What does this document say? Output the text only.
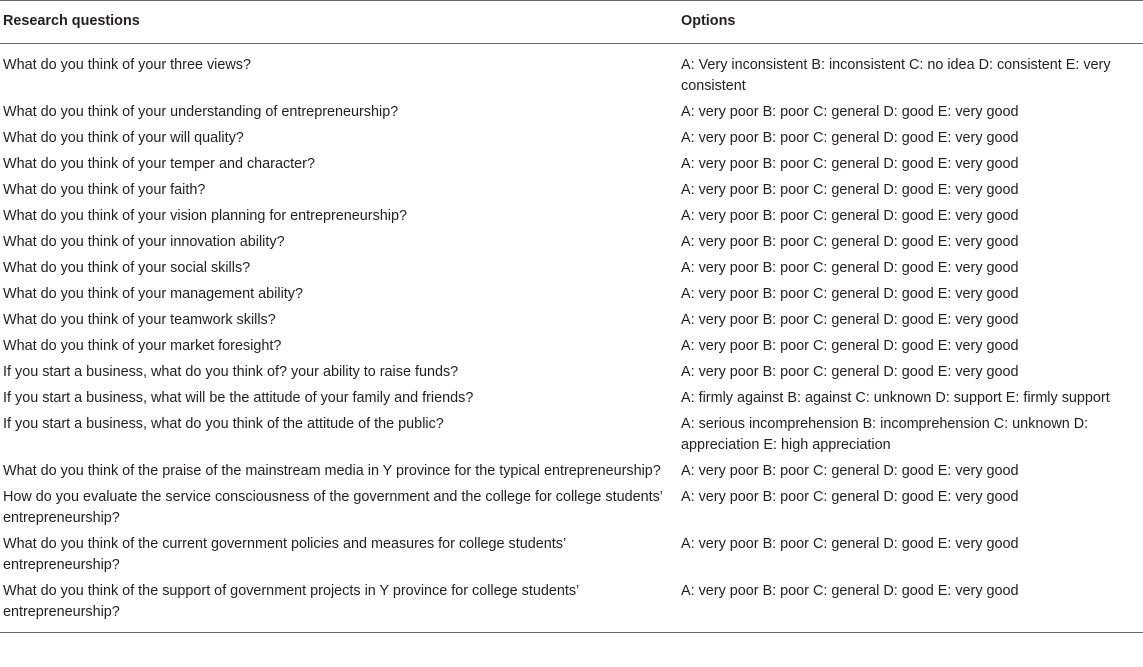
Research questions	Options
What do you think of your three views?	A: Very inconsistent B: inconsistent C: no idea D: consistent E: very consistent
What do you think of your understanding of entrepreneurship?	A: very poor B: poor C: general D: good E: very good
What do you think of your will quality?	A: very poor B: poor C: general D: good E: very good
What do you think of your temper and character?	A: very poor B: poor C: general D: good E: very good
What do you think of your faith?	A: very poor B: poor C: general D: good E: very good
What do you think of your vision planning for entrepreneurship?	A: very poor B: poor C: general D: good E: very good
What do you think of your innovation ability?	A: very poor B: poor C: general D: good E: very good
What do you think of your social skills?	A: very poor B: poor C: general D: good E: very good
What do you think of your management ability?	A: very poor B: poor C: general D: good E: very good
What do you think of your teamwork skills?	A: very poor B: poor C: general D: good E: very good
What do you think of your market foresight?	A: very poor B: poor C: general D: good E: very good
If you start a business, what do you think of? your ability to raise funds?	A: very poor B: poor C: general D: good E: very good
If you start a business, what will be the attitude of your family and friends?	A: firmly against B: against C: unknown D: support E: firmly support
If you start a business, what do you think of the attitude of the public?	A: serious incomprehension B: incomprehension C: unknown D: appreciation E: high appreciation
What do you think of the praise of the mainstream media in Y province for the typical entrepreneurship?	A: very poor B: poor C: general D: good E: very good
How do you evaluate the service consciousness of the government and the college for college students’ entrepreneurship?	A: very poor B: poor C: general D: good E: very good
What do you think of the current government policies and measures for college students’ entrepreneurship?	A: very poor B: poor C: general D: good E: very good
What do you think of the support of government projects in Y province for college students’ entrepreneurship?	A: very poor B: poor C: general D: good E: very good
